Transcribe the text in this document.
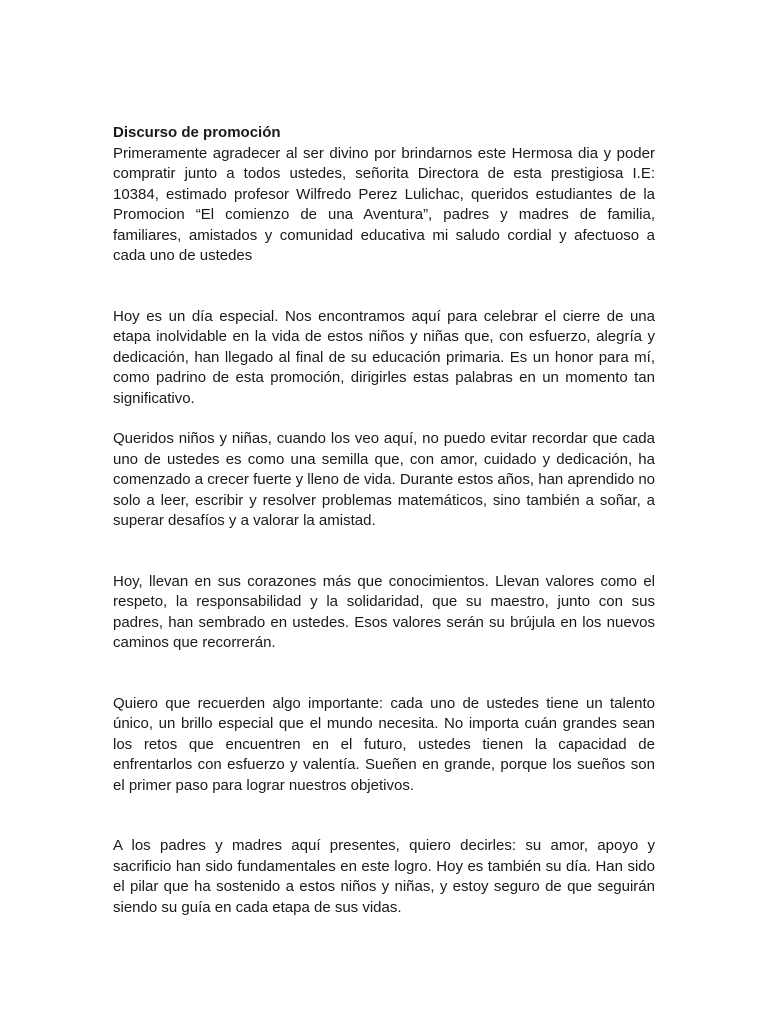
Discurso de promoción

Primeramente agradecer al ser divino por brindarnos este Hermosa dia y poder compratir junto a todos ustedes, señorita Directora de esta prestigiosa I.E: 10384, estimado profesor Wilfredo Perez Lulichac, queridos estudiantes de la Promocion “El comienzo de una Aventura”, padres y madres de familia, familiares, amistados y comunidad educativa mi saludo cordial y afectuoso a cada uno de ustedes

Hoy es un día especial. Nos encontramos aquí para celebrar el cierre de una etapa inolvidable en la vida de estos niños y niñas que, con esfuerzo, alegría y dedicación, han llegado al final de su educación primaria. Es un honor para mí, como padrino de esta promoción, dirigirles estas palabras en un momento tan significativo.

Queridos niños y niñas, cuando los veo aquí, no puedo evitar recordar que cada uno de ustedes es como una semilla que, con amor, cuidado y dedicación, ha comenzado a crecer fuerte y lleno de vida. Durante estos años, han aprendido no solo a leer, escribir y resolver problemas matemáticos, sino también a soñar, a superar desafíos y a valorar la amistad.

Hoy, llevan en sus corazones más que conocimientos. Llevan valores como el respeto, la responsabilidad y la solidaridad, que su maestro, junto con sus padres, han sembrado en ustedes. Esos valores serán su brújula en los nuevos caminos que recorrerán.

Quiero que recuerden algo importante: cada uno de ustedes tiene un talento único, un brillo especial que el mundo necesita. No importa cuán grandes sean los retos que encuentren en el futuro, ustedes tienen la capacidad de enfrentarlos con esfuerzo y valentía. Sueñen en grande, porque los sueños son el primer paso para lograr nuestros objetivos.

A los padres y madres aquí presentes, quiero decirles: su amor, apoyo y sacrificio han sido fundamentales en este logro. Hoy es también su día. Han sido el pilar que ha sostenido a estos niños y niñas, y estoy seguro de que seguirán siendo su guía en cada etapa de sus vidas.
